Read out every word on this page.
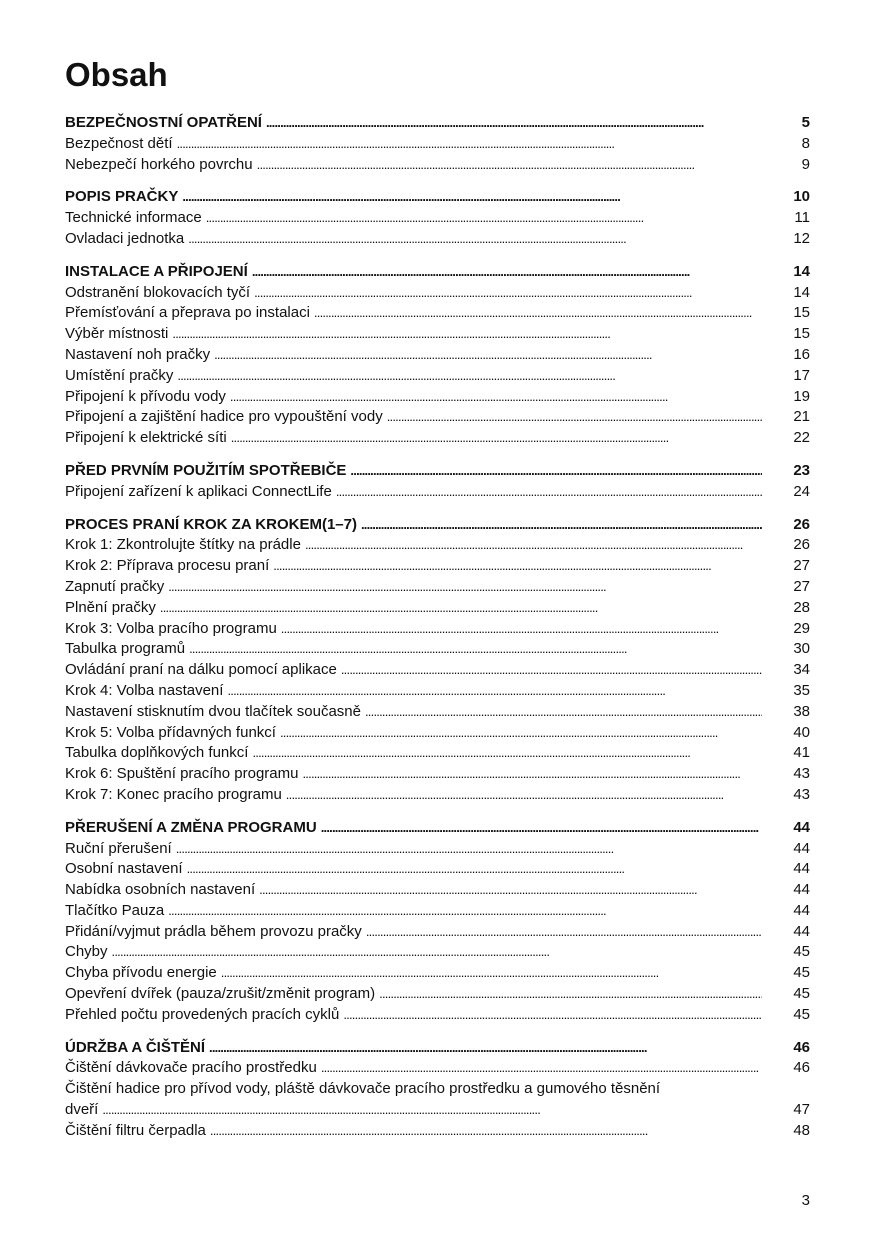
Obsah
BEZPEČNOSTNÍ OPATŘENÍ . . .	5
Bezpečnost dětí . . .	8
Nebezpečí horkého povrchu . . .	9
POPIS PRAČKY . . .	10
Technické informace . . .	11
Ovladaci jednotka . . .	12
INSTALACE A PŘIPOJENÍ . . .	14
Odstranění blokovacích tyčí . . .	14
Přemísťování a přeprava po instalaci . . .	15
Výběr místnosti . . .	15
Nastavení noh pračky . . .	16
Umístění pračky . . .	17
Připojení k přívodu vody . . .	19
Připojení a zajištění hadice pro vypouštění vody . . .	21
Připojení k elektrické síti . . .	22
PŘED PRVNÍM POUŽITÍM SPOTŘEBIČE . . .	23
Připojení zařízení k aplikaci ConnectLife . . .	24
PROCES PRANÍ KROK ZA KROKEM(1–7) . . .	26
Krok 1: Zkontrolujte štítky na prádle . . .	26
Krok 2: Příprava procesu praní . . .	27
Zapnutí pračky . . .	27
Plnění pračky . . .	28
Krok 3: Volba pracího programu . . .	29
Tabulka programů . . .	30
Ovládání praní na dálku pomocí aplikace . . .	34
Krok 4: Volba nastavení . . .	35
Nastavení stisknutím dvou tlačítek současně . . .	38
Krok 5: Volba přídavných funkcí . . .	40
Tabulka doplňkových funkcí . . .	41
Krok 6: Spuštění pracího programu . . .	43
Krok 7: Konec pracího programu . . .	43
PŘERUŠENÍ A ZMĚNA PROGRAMU . . .	44
Ruční přerušení . . .	44
Osobní nastavení . . .	44
Nabídka osobních nastavení . . .	44
Tlačítko Pauza . . .	44
Přidání/vyjmut prádla během provozu pračky . . .	44
Chyby . . .	45
Chyba přívodu energie . . .	45
Opevření dvířek (pauza/zrušit/změnit program) . . .	45
Přehled počtu provedených pracích cyklů . . .	45
ÚDRŽBA A ČIŠTĚNÍ . . .	46
Čištění dávkovače pracího prostředku . . .	46
Čištění hadice pro přívod vody, pláště dávkovače pracího prostředku a gumového těsnění
dveří . . .	47
Čištění filtru čerpadla . . .	48
3
